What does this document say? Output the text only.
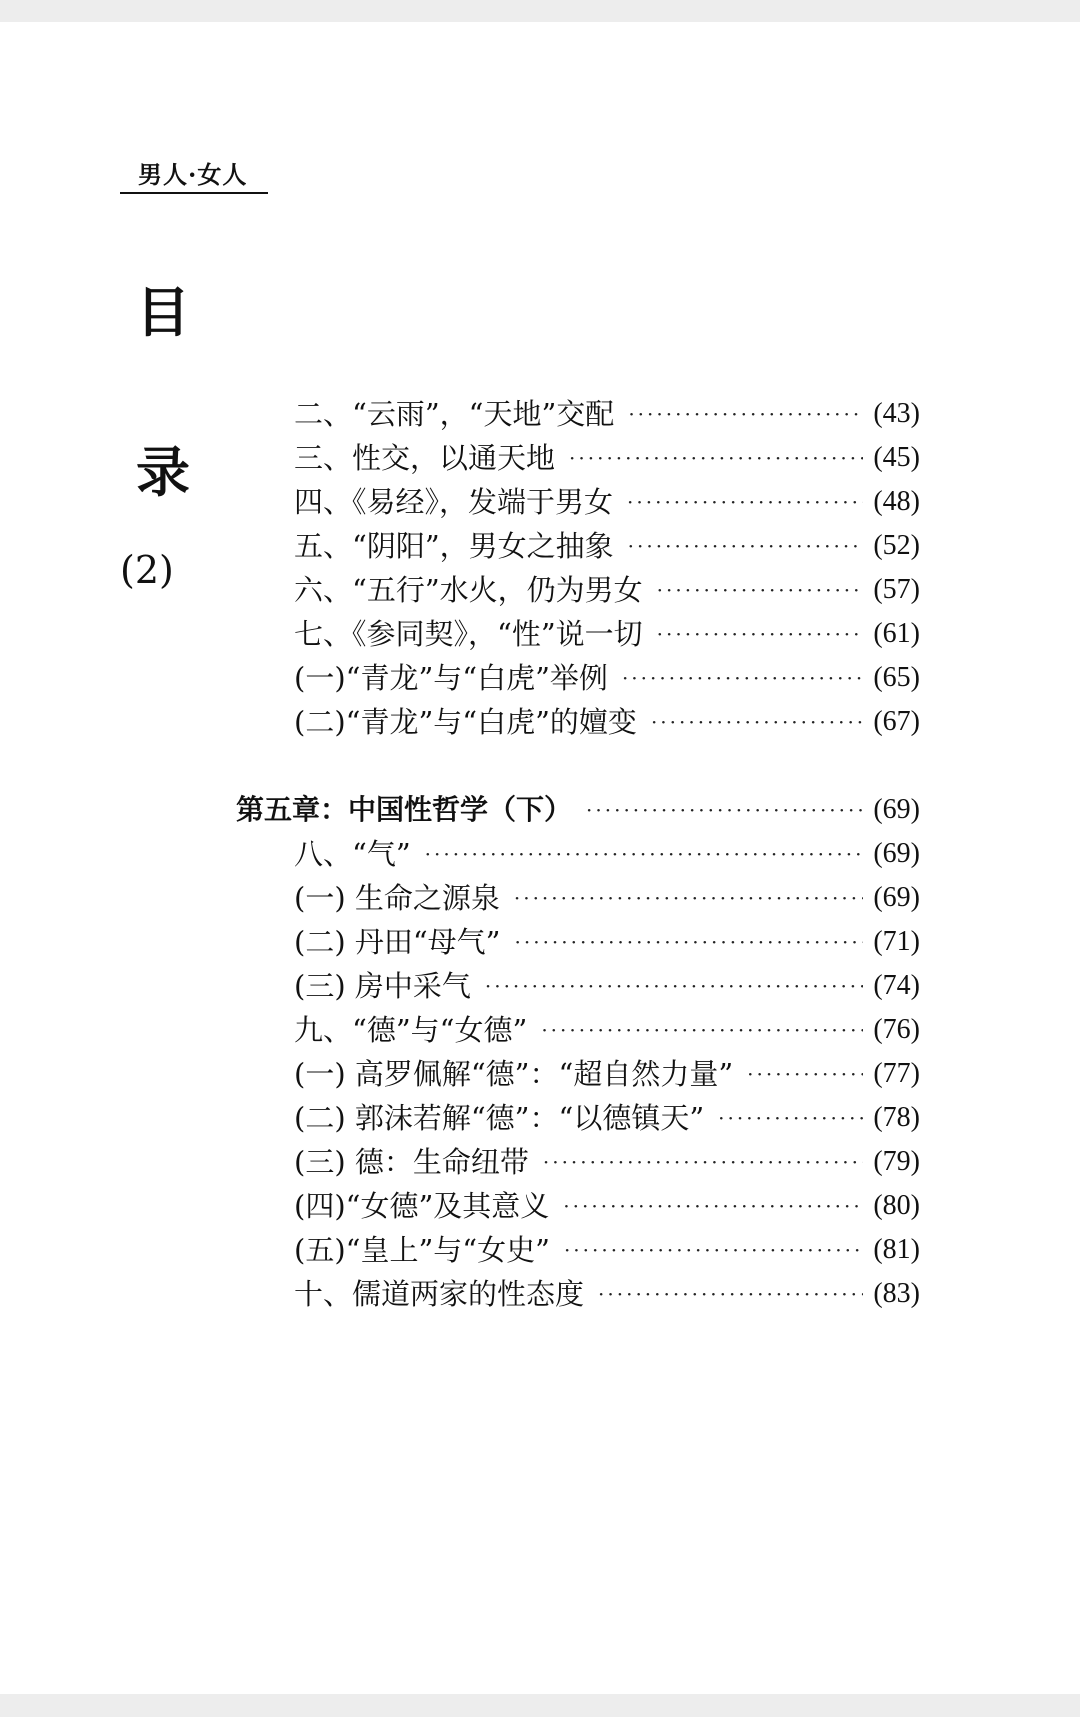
男人·女人
目
录
(2)
二、“云雨”，“天地”交配 ·····	(43)
三、性交，以通天地 ·····	(45)
四、《易经》，发端于男女 ·····	(48)
五、“阴阳”，男女之抽象 ·····	(52)
六、“五行”水火，仍为男女 ·····	(57)
七、《参同契》，“性”说一切 ·····	(61)
(一)“青龙”与“白虎”举例 ·····	(65)
(二)“青龙”与“白虎”的嬗变 ·····	(67)
第五章：中国性哲学（下） ·····	(69)
八、“气” ·····	(69)
(一) 生命之源泉 ·····	(69)
(二) 丹田“母气” ·····	(71)
(三) 房中采气 ·····	(74)
九、“德”与“女德” ·····	(76)
(一) 高罗佩解“德”：“超自然力量” ·····	(77)
(二) 郭沫若解“德”：“以德镇天” ·····	(78)
(三) 德：生命纽带 ·····	(79)
(四)“女德”及其意义 ·····	(80)
(五)“皇上”与“女史” ·····	(81)
十、儒道两家的性态度 ·····	(83)
